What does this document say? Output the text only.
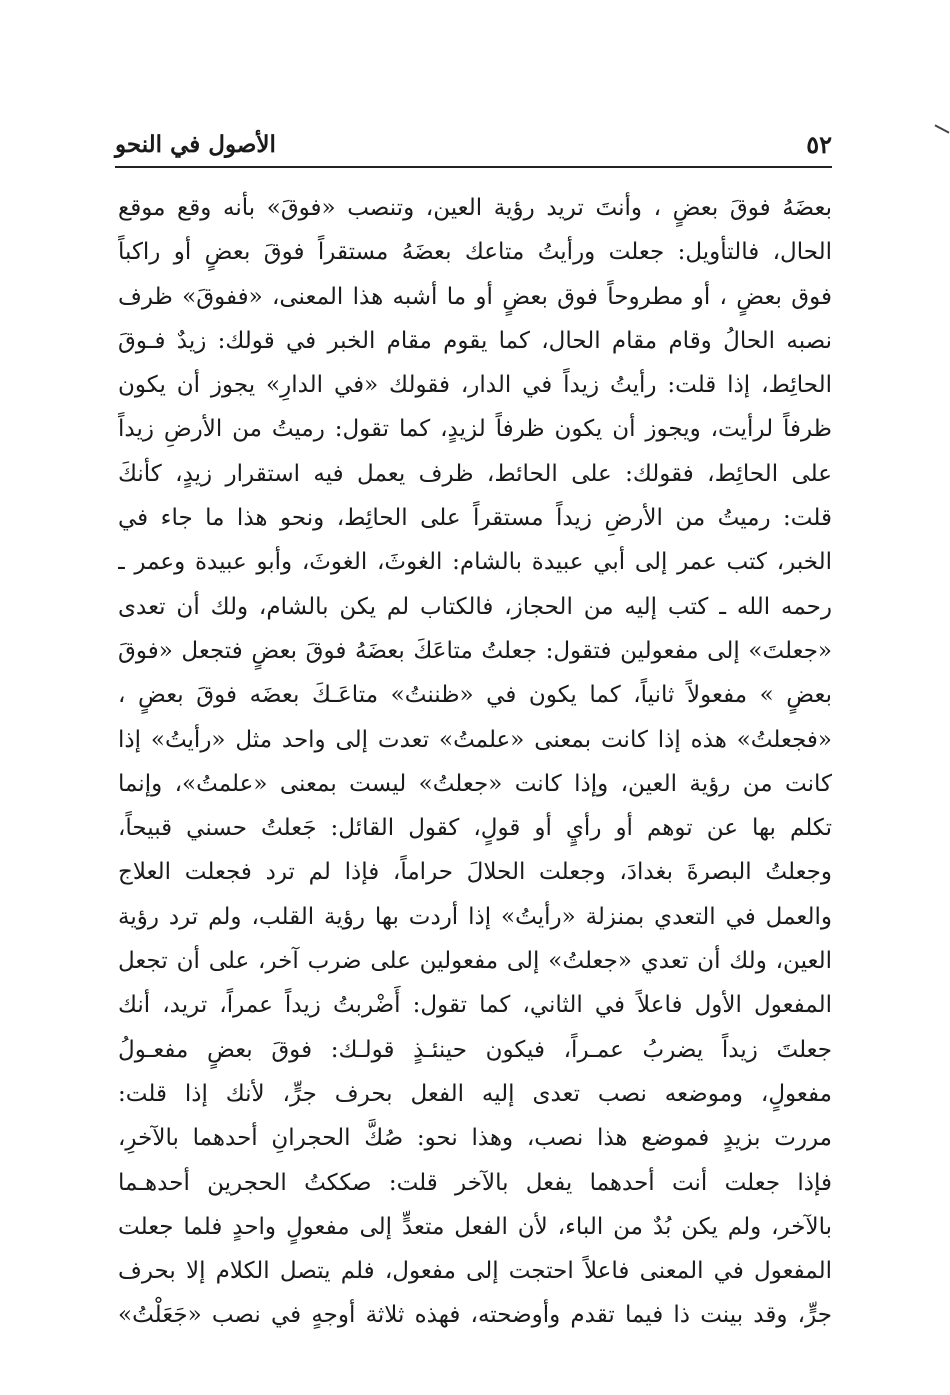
٥٢
الأصول في النحو
بعضَهُ فوقَ بعضٍ ، وأنتَ تريد رؤية العين، وتنصب «فوقَ» بأنه وقع موقع
الحال، فالتأويل: جعلت ورأيتُ متاعك بعضَهُ مستقراً فوقَ بعضٍ أو راكباً
فوق بعضٍ ، أو مطروحاً فوق بعضٍ أو ما أشبه هذا المعنى، «ففوقَ» ظرف
نصبه الحالُ وقام مقام الحال، كما يقوم مقام الخبر في قولك: زيدٌ فـوقَ
الحائِط، إذا قلت: رأيتُ زيداً في الدار، فقولك «في الدارِ» يجوز أن يكون
ظرفاً لرأيت، ويجوز أن يكون ظرفاً لزيدٍ، كما تقول: رميتُ من الأرضِ زيداً
على الحائِط، فقولك: على الحائط، ظرف يعمل فيه استقرار زيدٍ، كأنكَ
قلت: رميتُ من الأرضِ زيداً مستقراً على الحائِط، ونحو هذا ما جاء في
الخبر، كتب عمر إلى أبي عبيدة بالشام: الغوثَ، الغوثَ، وأبو عبيدة وعمر ـ
رحمه الله ـ كتب إليه من الحجاز، فالكتاب لم يكن بالشام، ولك أن تعدى
«جعلتَ» إلى مفعولين فتقول: جعلتُ متاعَكَ بعضَهُ فوقَ بعضٍ فتجعل «فوقَ
بعضٍ » مفعولاً ثانياً، كما يكون في «ظننتُ» متاعَـكَ بعضَه فوقَ بعضٍ ،
«فجعلتُ» هذه إذا كانت بمعنى «علمتُ» تعدت إلى واحد مثل «رأيتُ» إذا
كانت من رؤية العين، وإذا كانت «جعلتُ» ليست بمعنى «علمتُ»، وإنما
تكلم بها عن توهم أو رأيٍ أو قولٍ، كقول القائل: جَعلتُ حسني قبيحاً،
وجعلتُ البصرةَ بغدادَ، وجعلت الحلالَ حراماً، فإذا لم ترد فجعلت العلاج
والعمل في التعدي بمنزلة «رأيتُ» إذا أردت بها رؤية القلب، ولم ترد رؤية
العين، ولك أن تعدي «جعلتُ» إلى مفعولين على ضرب آخر، على أن تجعل
المفعول الأول فاعلاً في الثاني، كما تقول: أَضْربتُ زيداً عمراً، تريد، أنك
جعلتَ زيداً يضربُ عمـراً، فيكون حينئـذٍ قولـك: فوقَ بعضٍ مفعـولُ
مفعولٍ، وموضعه نصب تعدى إليه الفعل بحرف جرٍّ، لأنك إذا قلت:
مررت بزيدٍ فموضع هذا نصب، وهذا نحو: صُكَّ الحجرانِ أحدهما بالآخرِ،
فإذا جعلت أنت أحدهما يفعل بالآخر قلت: صككتُ الحجرين أحدهـما
بالآخر، ولم يكن بُدٌ من الباء، لأن الفعل متعدٍّ إلى مفعولٍ واحدٍ فلما جعلت
المفعول في المعنى فاعلاً احتجت إلى مفعول، فلم يتصل الكلام إلا بحرف
جرٍّ، وقد بينت ذا فيما تقدم وأوضحته، فهذه ثلاثة أوجهٍ في نصب «جَعَلْتُ»
